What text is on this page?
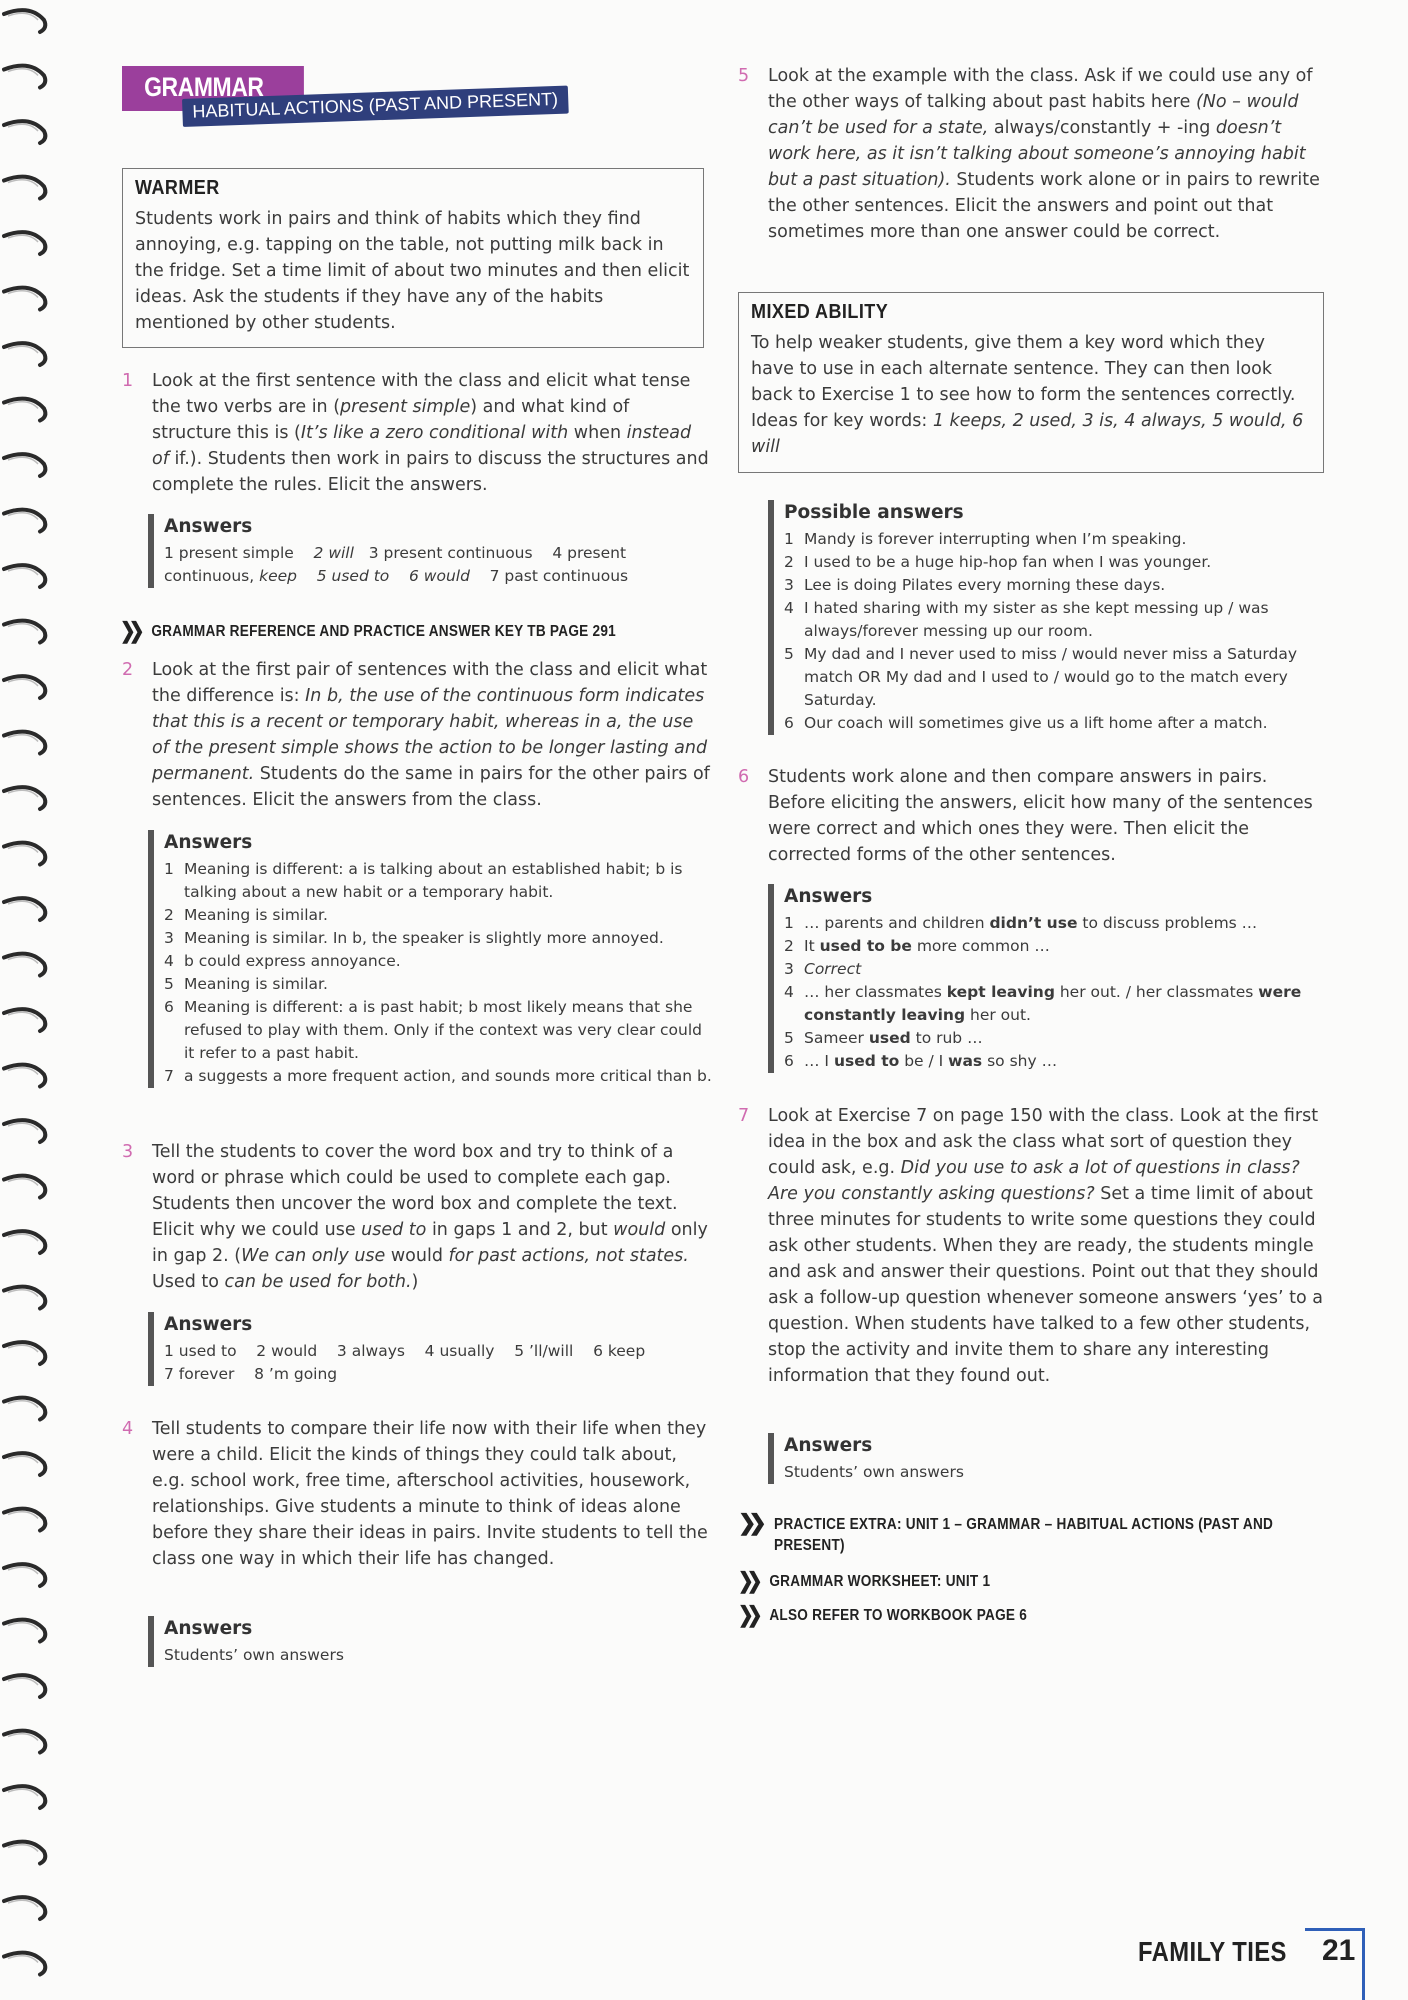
GRAMMAR
HABITUAL ACTIONS (PAST AND PRESENT)
WARMER
Students work in pairs and think of habits which they find annoying, e.g. tapping on the table, not putting milk back in the fridge. Set a time limit of about two minutes and then elicit ideas. Ask the students if they have any of the habits mentioned by other students.
1 Look at the first sentence with the class and elicit what tense the two verbs are in (present simple) and what kind of structure this is (It’s like a zero conditional with when instead of if.). Students then work in pairs to discuss the structures and complete the rules. Elicit the answers.
Answers
1 present simple 2 will 3 present continuous 4 present continuous, keep 5 used to 6 would 7 past continuous
❯❯ GRAMMAR REFERENCE AND PRACTICE ANSWER KEY TB PAGE 291
2 Look at the first pair of sentences with the class and elicit what the difference is: In b, the use of the continuous form indicates that this is a recent or temporary habit, whereas in a, the use of the present simple shows the action to be longer lasting and permanent. Students do the same in pairs for the other pairs of sentences. Elicit the answers from the class.
Answers
1 Meaning is different: a is talking about an established habit; b is talking about a new habit or a temporary habit.
2 Meaning is similar.
3 Meaning is similar. In b, the speaker is slightly more annoyed.
4 b could express annoyance.
5 Meaning is similar.
6 Meaning is different: a is past habit; b most likely means that she refused to play with them. Only if the context was very clear could it refer to a past habit.
7 a suggests a more frequent action, and sounds more critical than b.
3 Tell the students to cover the word box and try to think of a word or phrase which could be used to complete each gap. Students then uncover the word box and complete the text. Elicit why we could use used to in gaps 1 and 2, but would only in gap 2. (We can only use would for past actions, not states. Used to can be used for both.)
Answers
1 used to 2 would 3 always 4 usually 5 ’ll/will 6 keep
7 forever 8 ’m going
4 Tell students to compare their life now with their life when they were a child. Elicit the kinds of things they could talk about, e.g. school work, free time, afterschool activities, housework, relationships. Give students a minute to think of ideas alone before they share their ideas in pairs. Invite students to tell the class one way in which their life has changed.
Answers
Students’ own answers
5 Look at the example with the class. Ask if we could use any of the other ways of talking about past habits here (No – would can’t be used for a state, always/constantly + -ing doesn’t work here, as it isn’t talking about someone’s annoying habit but a past situation). Students work alone or in pairs to rewrite the other sentences. Elicit the answers and point out that sometimes more than one answer could be correct.
MIXED ABILITY
To help weaker students, give them a key word which they have to use in each alternate sentence. They can then look back to Exercise 1 to see how to form the sentences correctly. Ideas for key words: 1 keeps, 2 used, 3 is, 4 always, 5 would, 6 will
Possible answers
1 Mandy is forever interrupting when I’m speaking.
2 I used to be a huge hip-hop fan when I was younger.
3 Lee is doing Pilates every morning these days.
4 I hated sharing with my sister as she kept messing up / was always/forever messing up our room.
5 My dad and I never used to miss / would never miss a Saturday match OR My dad and I used to / would go to the match every Saturday.
6 Our coach will sometimes give us a lift home after a match.
6 Students work alone and then compare answers in pairs. Before eliciting the answers, elicit how many of the sentences were correct and which ones they were. Then elicit the corrected forms of the other sentences.
Answers
1 … parents and children didn’t use to discuss problems …
2 It used to be more common …
3 Correct
4 … her classmates kept leaving her out. / her classmates were constantly leaving her out.
5 Sameer used to rub …
6 … I used to be / I was so shy …
7 Look at Exercise 7 on page 150 with the class. Look at the first idea in the box and ask the class what sort of question they could ask, e.g. Did you use to ask a lot of questions in class? Are you constantly asking questions? Set a time limit of about three minutes for students to write some questions they could ask other students. When they are ready, the students mingle and ask and answer their questions. Point out that they should ask a follow-up question whenever someone answers ‘yes’ to a question. When students have talked to a few other students, stop the activity and invite them to share any interesting information that they found out.
Answers
Students’ own answers
❯❯ PRACTICE EXTRA: UNIT 1 – GRAMMAR – HABITUAL ACTIONS (PAST AND PRESENT)
❯❯ GRAMMAR WORKSHEET: UNIT 1
❯❯ ALSO REFER TO WORKBOOK PAGE 6
FAMILY TIES 21
